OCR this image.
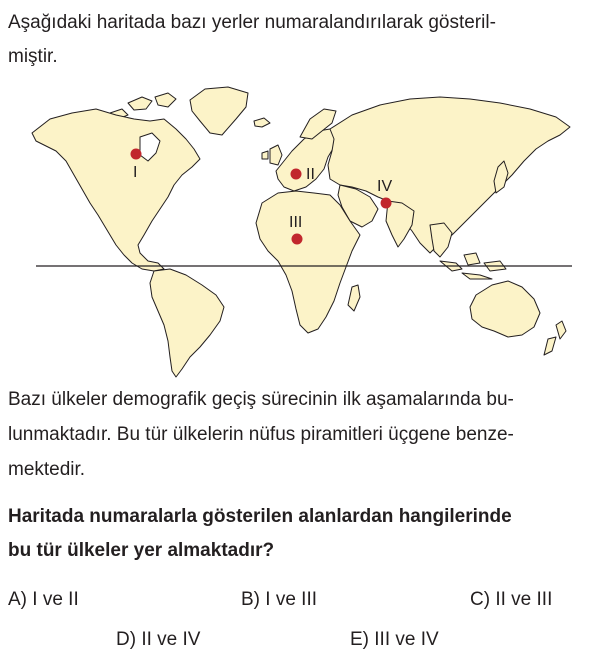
Aşağıdaki haritada bazı yerler numaralandırılarak gösteril-
miştir.
I	II
III
IV
Bazı ülkeler demografik geçiş sürecinin ilk aşamalarında bu-
lunmaktadır. Bu tür ülkelerin nüfus piramitleri üçgene benze-
mektedir.
Haritada numaralarla gösterilen alanlardan hangilerinde
bu tür ülkeler yer almaktadır?
A) I ve II	B) I ve III	C) II ve III
D) II ve IV	E) III ve IV
